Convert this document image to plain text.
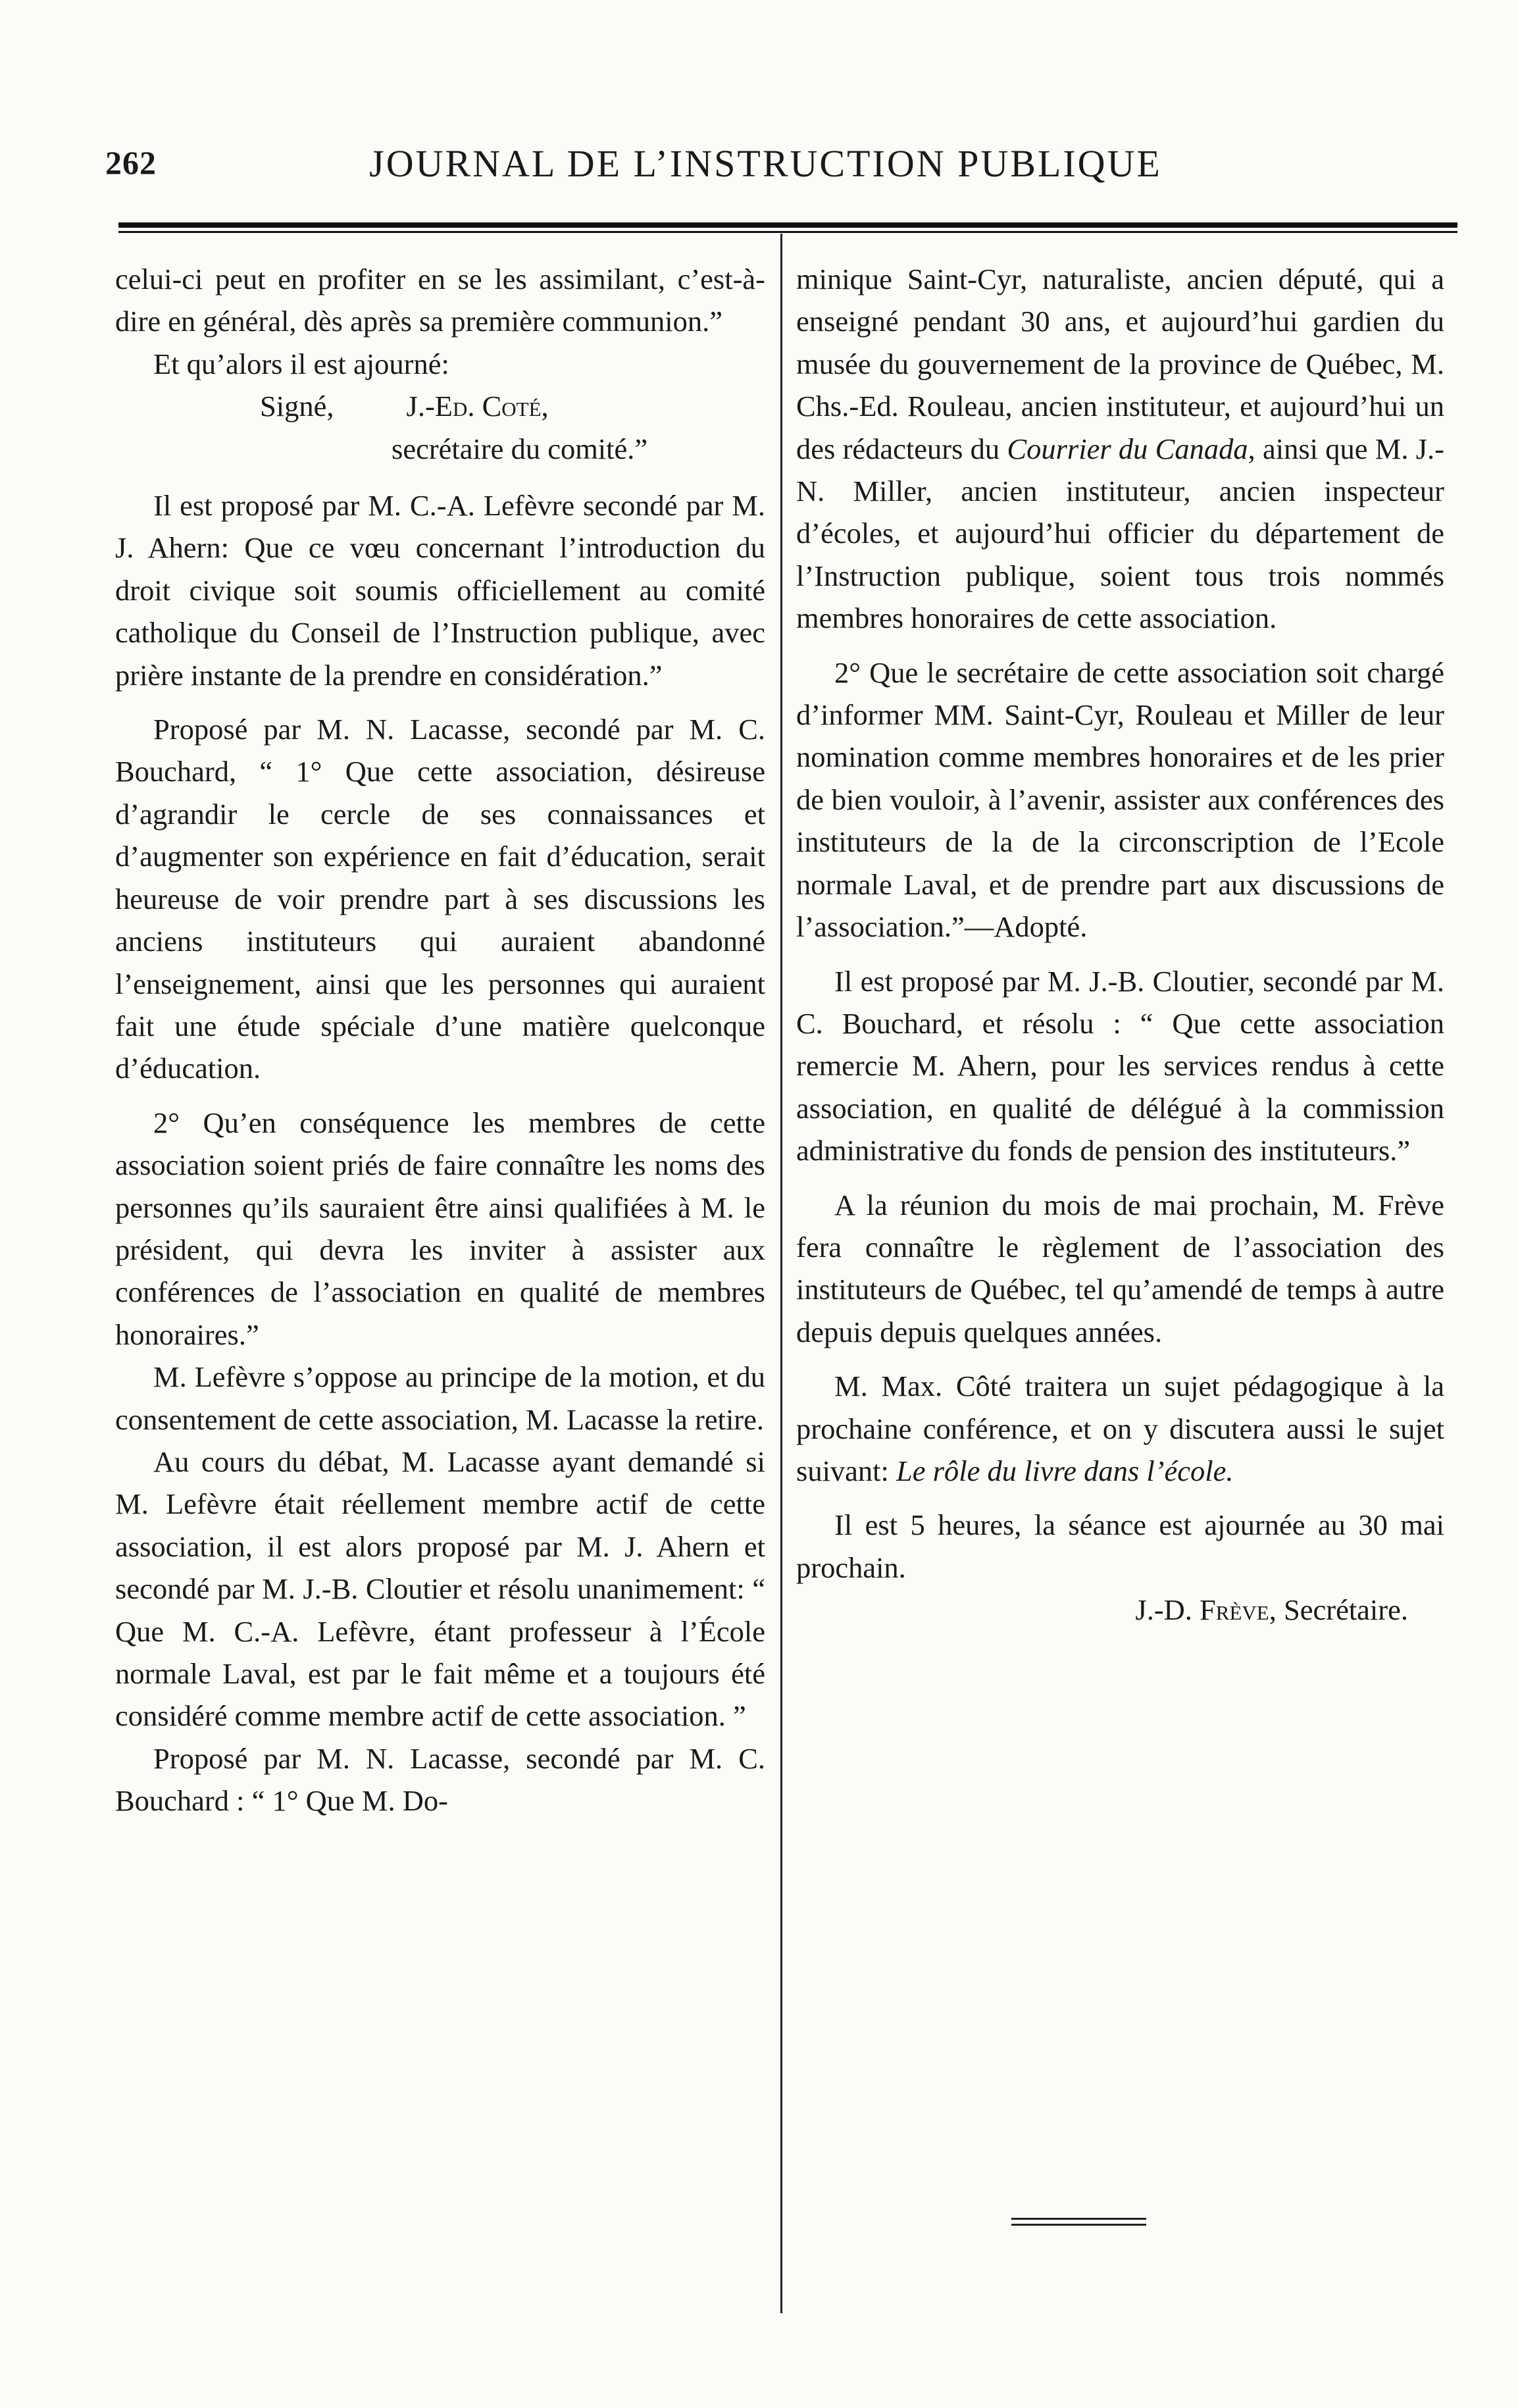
262	JOURNAL DE L’INSTRUCTION PUBLIQUE

celui-ci peut en profiter en se les assimilant, c’est-à-dire en général, dès après sa première communion.”

Et qu’alors il est ajourné:

Signé, J.-Ed. Coté,

secrétaire du comité.”

Il est proposé par M. C.-A. Lefèvre secondé par M. J. Ahern: Que ce vœu concernant l’introduction du droit civique soit soumis officiellement au comité catholique du Conseil de l’Instruction publique, avec prière instante de la prendre en considération.”

Proposé par M. N. Lacasse, secondé par M. C. Bouchard, “ 1° Que cette association, désireuse d’agrandir le cercle de ses connaissances et d’augmenter son expérience en fait d’éducation, serait heureuse de voir prendre part à ses discussions les anciens instituteurs qui auraient abandonné l’enseignement, ainsi que les personnes qui auraient fait une étude spéciale d’une matière quelconque d’éducation.

2° Qu’en conséquence les membres de cette association soient priés de faire connaître les noms des personnes qu’ils sauraient être ainsi qualifiées à M. le président, qui devra les inviter à assister aux conférences de l’association en qualité de membres honoraires.”

M. Lefèvre s’oppose au principe de la motion, et du consentement de cette association, M. Lacasse la retire.

Au cours du débat, M. Lacasse ayant demandé si M. Lefèvre était réellement membre actif de cette association, il est alors proposé par M. J. Ahern et secondé par M. J.-B. Cloutier et résolu unanimement: “ Que M. C.-A. Lefèvre, étant professeur à l’École normale Laval, est par le fait même et a toujours été considéré comme membre actif de cette association. ”

Proposé par M. N. Lacasse, secondé par M. C. Bouchard : “ 1° Que M. Do-

minique Saint-Cyr, naturaliste, ancien député, qui a enseigné pendant 30 ans, et aujourd’hui gardien du musée du gouvernement de la province de Québec, M. Chs.-Ed. Rouleau, ancien instituteur, et aujourd’hui un des rédacteurs du Courrier du Canada, ainsi que M. J.-N. Miller, ancien instituteur, ancien inspecteur d’écoles, et aujourd’hui officier du département de l’Instruction publique, soient tous trois nommés membres honoraires de cette association.

2° Que le secrétaire de cette association soit chargé d’informer MM. Saint-Cyr, Rouleau et Miller de leur nomination comme membres honoraires et de les prier de bien vouloir, à l’avenir, assister aux conférences des instituteurs de la de la circonscription de l’Ecole normale Laval, et de prendre part aux discussions de l’association.”—Adopté.

Il est proposé par M. J.-B. Cloutier, secondé par M. C. Bouchard, et résolu : “ Que cette association remercie M. Ahern, pour les services rendus à cette association, en qualité de délégué à la commission administrative du fonds de pension des instituteurs.”

A la réunion du mois de mai prochain, M. Frève fera connaître le règlement de l’association des instituteurs de Québec, tel qu’amendé de temps à autre depuis depuis quelques années.

M. Max. Côté traitera un sujet pédagogique à la prochaine conférence, et on y discutera aussi le sujet suivant: Le rôle du livre dans l’école.

Il est 5 heures, la séance est ajournée au 30 mai prochain.

J.-D. Frève, Secrétaire.
